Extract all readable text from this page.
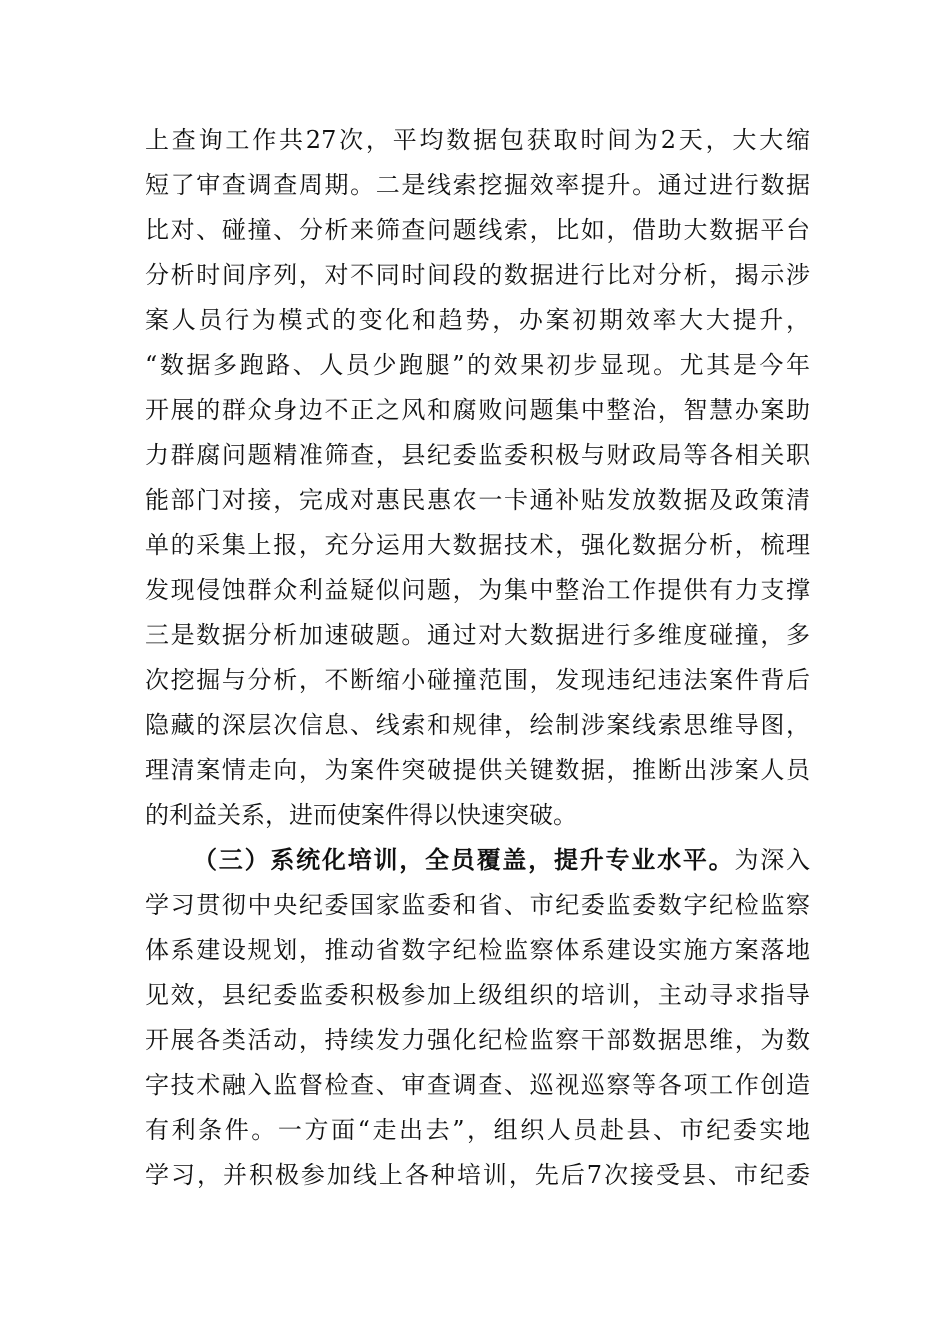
上查询工作共27次，平均数据包获取时间为2天，大大缩
短了审查调查周期。二是线索挖掘效率提升。通过进行数据
比对、碰撞、分析来筛查问题线索，比如，借助大数据平台
分析时间序列，对不同时间段的数据进行比对分析，揭示涉
案人员行为模式的变化和趋势，办案初期效率大大提升，
“数据多跑路、人员少跑腿”的效果初步显现。尤其是今年
开展的群众身边不正之风和腐败问题集中整治，智慧办案助
力群腐问题精准筛查，县纪委监委积极与财政局等各相关职
能部门对接，完成对惠民惠农一卡通补贴发放数据及政策清
单的采集上报，充分运用大数据技术，强化数据分析，梳理
发现侵蚀群众利益疑似问题，为集中整治工作提供有力支撑
三是数据分析加速破题。通过对大数据进行多维度碰撞，多
次挖掘与分析，不断缩小碰撞范围，发现违纪违法案件背后
隐藏的深层次信息、线索和规律，绘制涉案线索思维导图，
理清案情走向，为案件突破提供关键数据，推断出涉案人员
的利益关系，进而使案件得以快速突破。
（三）系统化培训，全员覆盖，提升专业水平。为深入
学习贯彻中央纪委国家监委和省、市纪委监委数字纪检监察
体系建设规划，推动省数字纪检监察体系建设实施方案落地
见效，县纪委监委积极参加上级组织的培训，主动寻求指导
开展各类活动，持续发力强化纪检监察干部数据思维，为数
字技术融入监督检查、审查调查、巡视巡察等各项工作创造
有利条件。一方面“走出去”，组织人员赴县、市纪委实地
学习，并积极参加线上各种培训，先后7次接受县、市纪委
